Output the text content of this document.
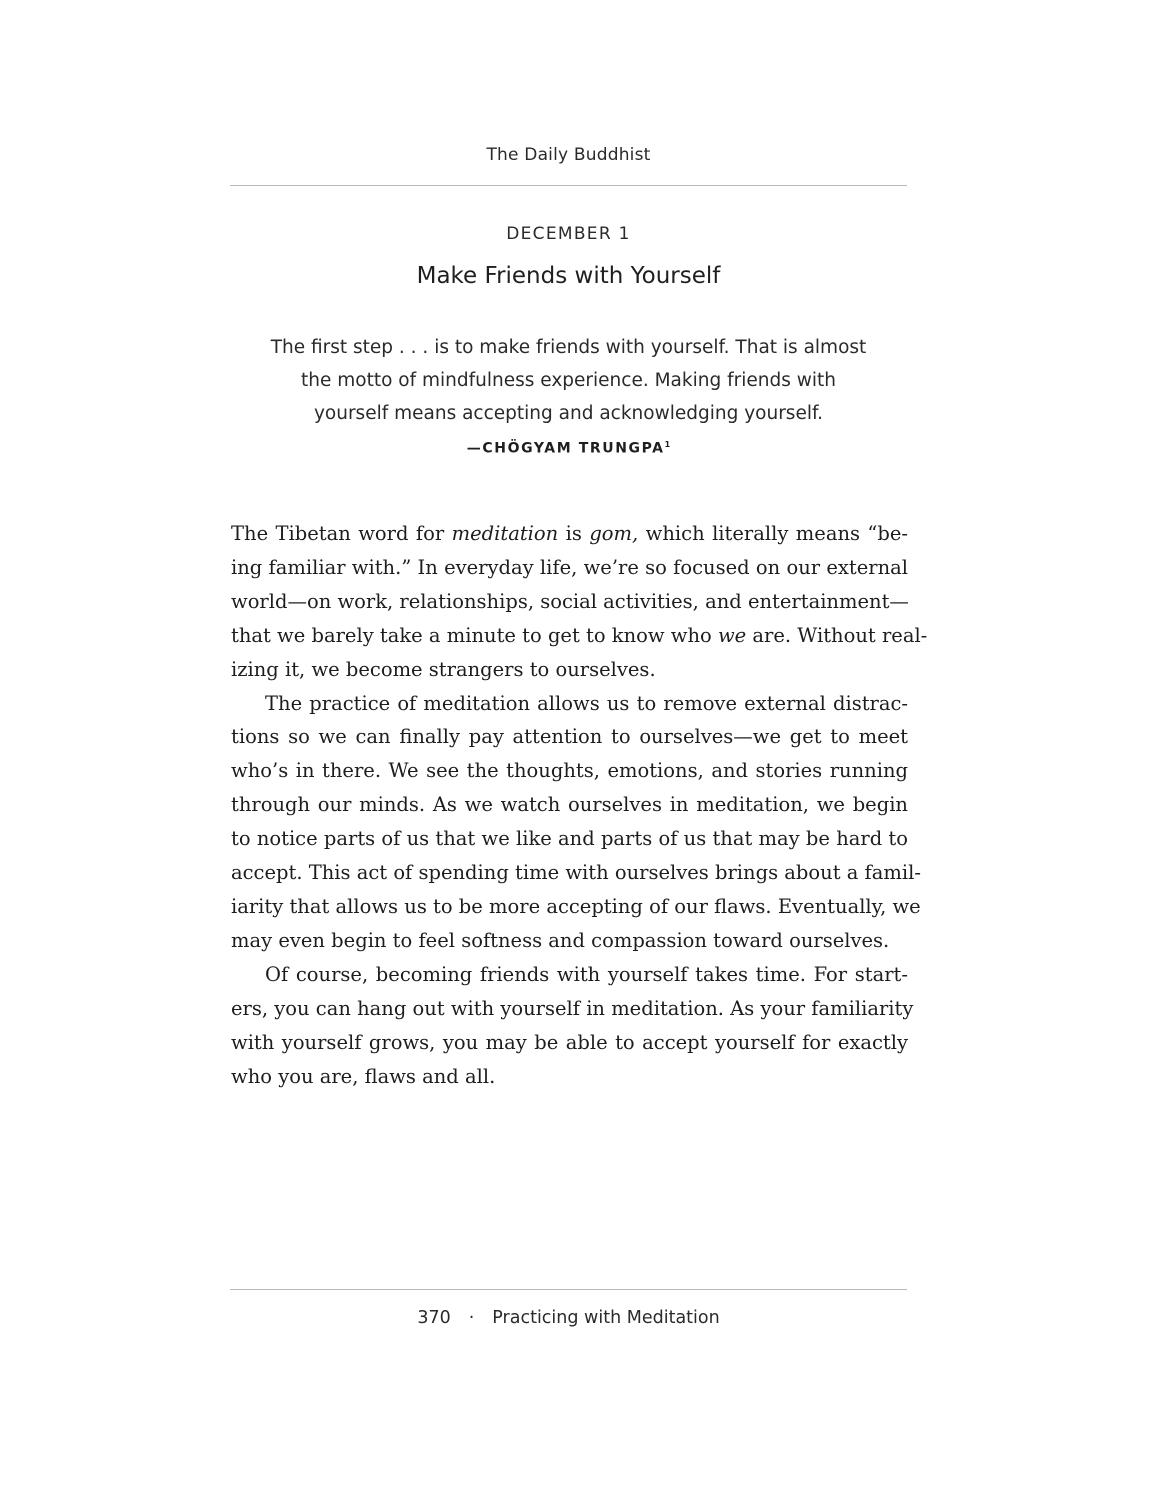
The Daily Buddhist
DECEMBER 1
Make Friends with Yourself
The first step . . . is to make friends with yourself. That is almost
the motto of mindfulness experience. Making friends with
yourself means accepting and acknowledging yourself.
—CHÖGYAM TRUNGPA$^1$
The Tibetan word for meditation is gom, which literally means “be-
ing familiar with.” In everyday life, we’re so focused on our external
world—on work, relationships, social activities, and entertainment—
that we barely take a minute to get to know who we are. Without real-
izing it, we become strangers to ourselves.
The practice of meditation allows us to remove external distrac-
tions so we can finally pay attention to ourselves—we get to meet
who’s in there. We see the thoughts, emotions, and stories running
through our minds. As we watch ourselves in meditation, we begin
to notice parts of us that we like and parts of us that may be hard to
accept. This act of spending time with ourselves brings about a famil-
iarity that allows us to be more accepting of our flaws. Eventually, we
may even begin to feel softness and compassion toward ourselves.
Of course, becoming friends with yourself takes time. For start-
ers, you can hang out with yourself in meditation. As your familiarity
with yourself grows, you may be able to accept yourself for exactly
who you are, flaws and all.
370 · Practicing with Meditation
